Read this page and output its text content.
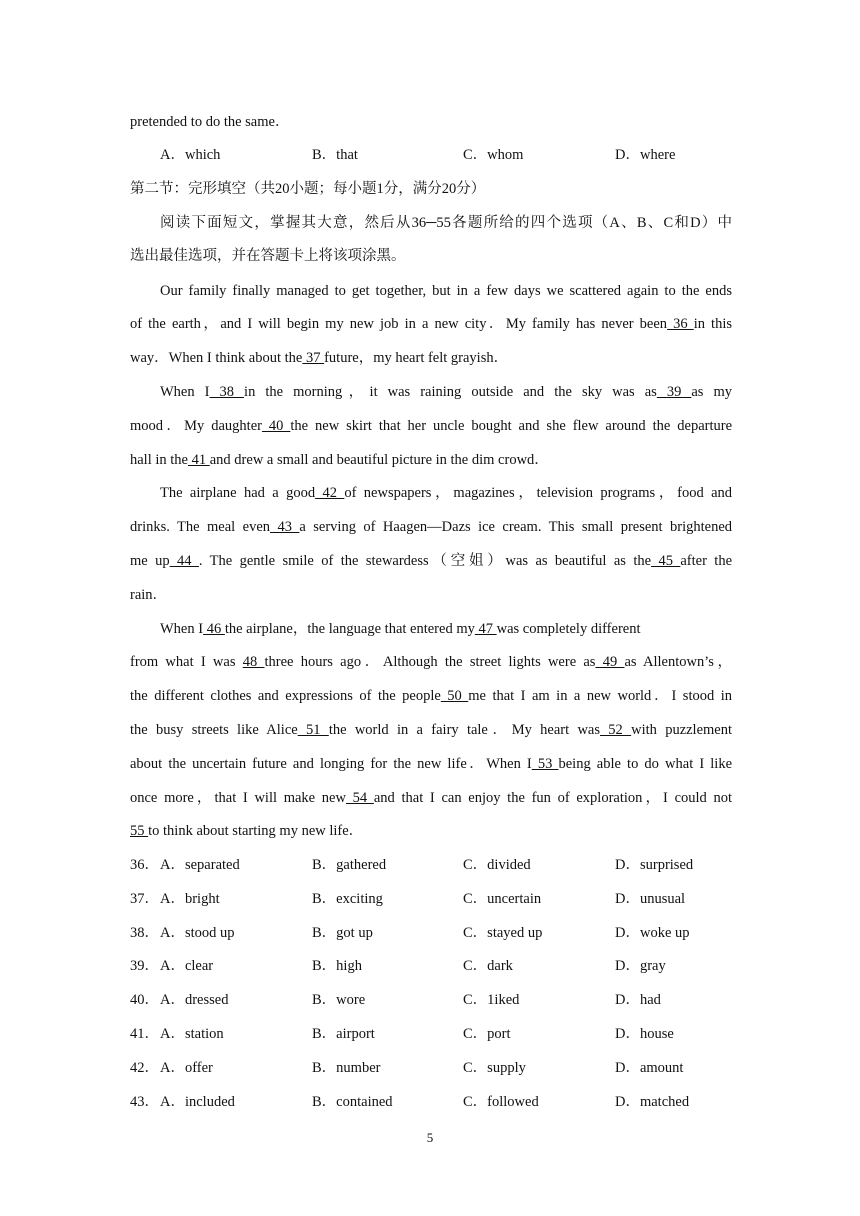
pretended to do the same．
A．which	B．that	C．whom	D．where
第二节：完形填空（共20小题；每小题1分，满分20分）
阅读下面短文，掌握其大意，然后从36─55各题所给的四个选项（A、B、C和D）中
选出最佳选项，并在答题卡上将该项涂黑。
Our family finally managed to get together, but in a few days we scattered again to the ends
of the earth，and I will begin my new job in a new city．My family has never been 36 in this
way．When I think about the 37 future，my heart felt grayish．
When I 38 in the morning，it was raining outside and the sky was as 39 as my
mood．My daughter 40 the new skirt that her uncle bought and she flew around the departure
hall in the 41 and drew a small and beautiful picture in the dim crowd．
The airplane had a good 42 of newspapers，magazines，television programs，food and
drinks. The meal even 43 a serving of Haagen—Dazs ice cream. This small present brightened
me up 44 . The gentle smile of the stewardess（空姐）was as beautiful as the 45 after the
rain．
When I 46 the airplane，the language that entered my 47 was completely different
from what I was 48 three hours ago．Although the street lights were as 49 as Allentown’s，
the different clothes and expressions of the people 50 me that I am in a new world．I stood in
the busy streets like Alice 51 the world in a fairy tale．My heart was 52 with puzzlement
about the uncertain future and longing for the new life．When I 53 being able to do what I like
once more，that I will make new 54 and that I can enjoy the fun of exploration，I could not
55 to think about starting my new life．
36． A．separated	B．gathered	C．divided	D．surprised
37． A．bright	B．exciting	C．uncertain	D．unusual
38． A．stood up	B．got up	C．stayed up	D．woke up
39． A．clear	B．high	C．dark	D．gray
40． A．dressed	B．wore	C．1iked	D．had
41． A．station	B．airport	C．port	D．house
42． A．offer	B．number	C．supply	D．amount
43． A．included	B．contained	C．followed	D．matched
5
